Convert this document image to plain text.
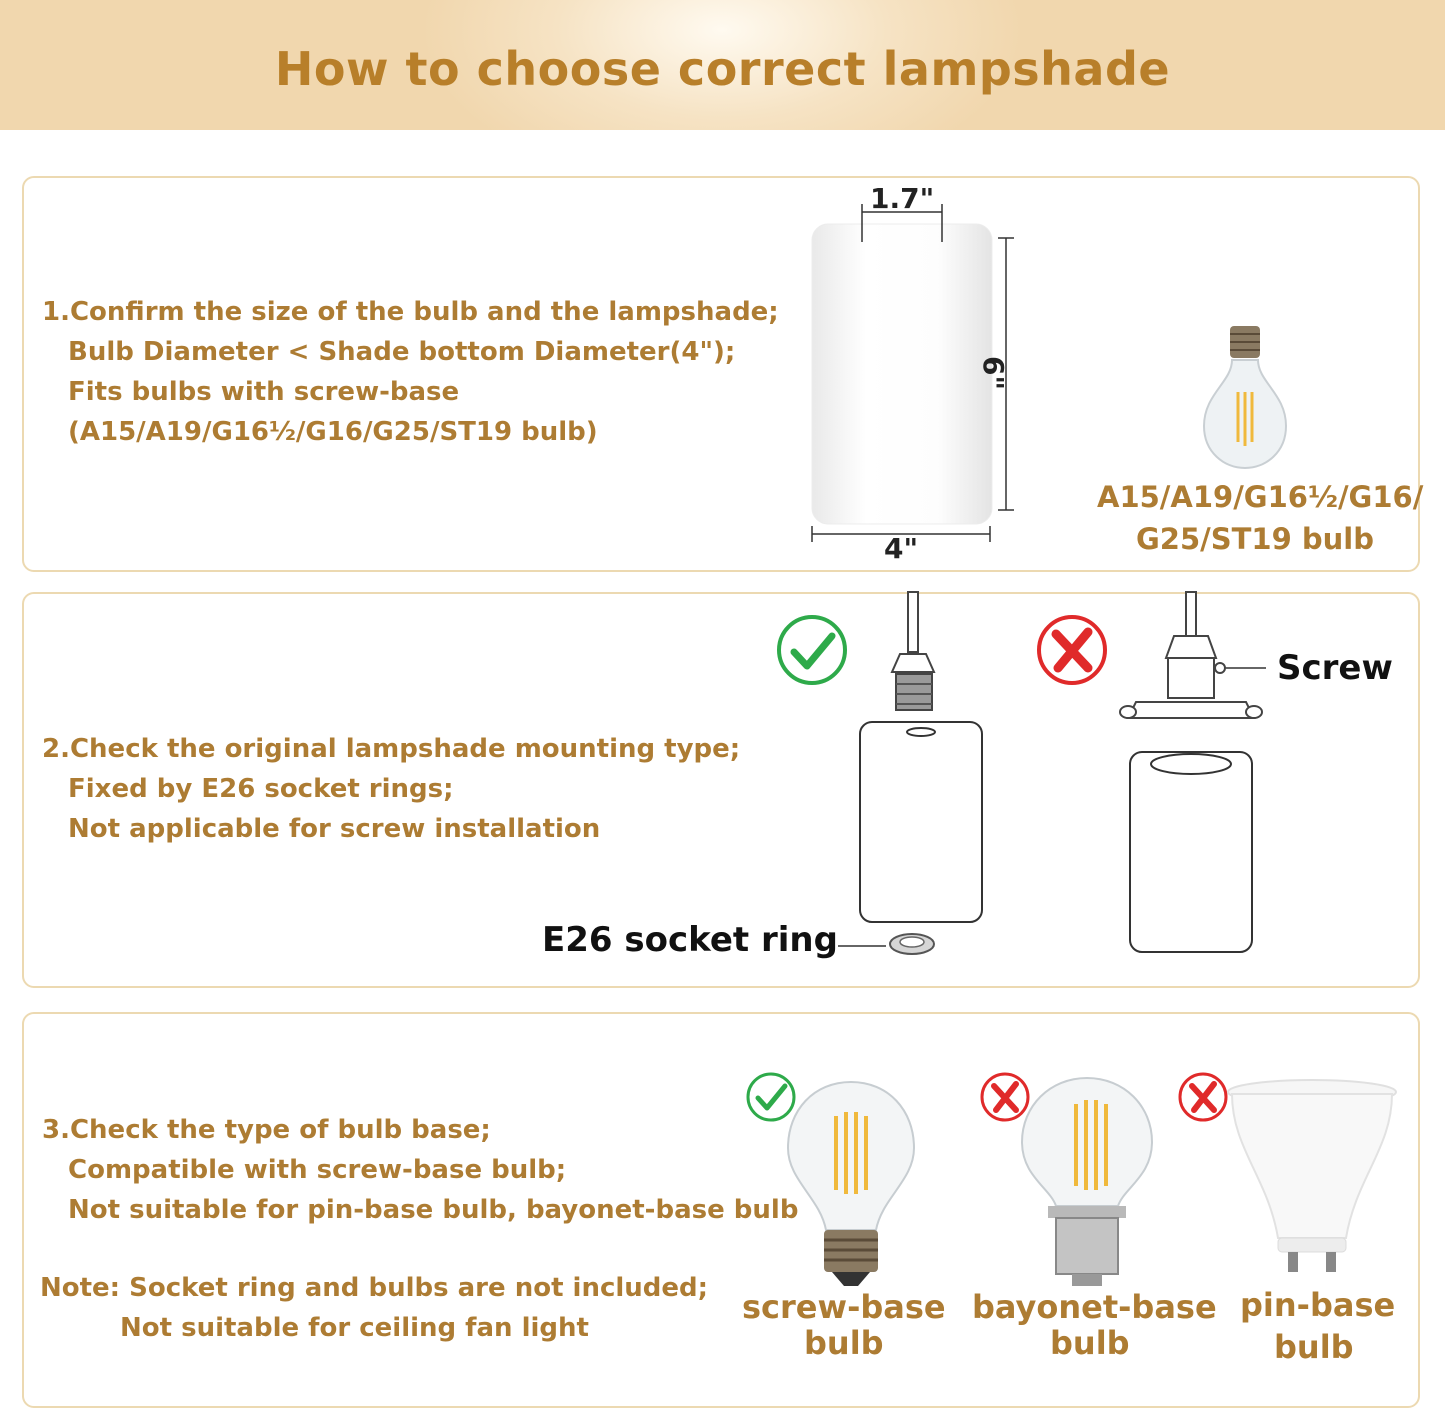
How to choose correct lampshade
1.Confirm the size of the bulb and the lampshade;
Bulb Diameter < Shade bottom Diameter(4");
Fits bulbs with screw-base
(A15/A19/G16½/G16/G25/ST19 bulb)
1.7"
6"
4"
A15/A19/G16½/G16/
G25/ST19 bulb
2.Check the original lampshade mounting type;
Fixed by E26 socket rings;
Not applicable for screw installation
E26 socket ring
Screw
3.Check the type of bulb base;
Compatible with screw-base bulb;
Not suitable for pin-base bulb, bayonet-base bulb
Note: Socket ring and bulbs are not included;
Not suitable for ceiling fan light
screw-base
bulb
bayonet-base
bulb
pin-base
bulb
